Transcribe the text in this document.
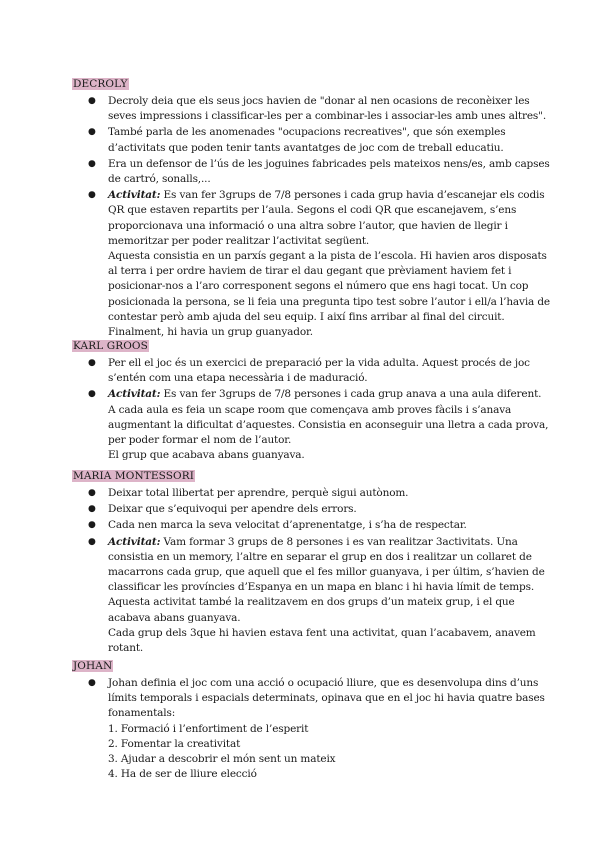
DECROLY
● Decroly deia que els seus jocs havien de "donar al nen ocasions de reconèixer les
seves impressions i classificar-les per a combinar-les i associar-les amb unes altres".
● També parla de les anomenades "ocupacions recreatives", que són exemples
d’activitats que poden tenir tants avantatges de joc com de treball educatiu.
● Era un defensor de l’ús de les joguines fabricades pels mateixos nens/es, amb capses
de cartró, sonalls,...
● Activitat: Es van fer 3grups de 7/8 persones i cada grup havia d’escanejar els codis
QR que estaven repartits per l’aula. Segons el codi QR que escanejavem, s’ens
proporcionava una informació o una altra sobre l’autor, que havien de llegir i
memoritzar per poder realitzar l’activitat següent.
Aquesta consistia en un parxís gegant a la pista de l’escola. Hi havien aros disposats
al terra i per ordre haviem de tirar el dau gegant que prèviament haviem fet i
posicionar-nos a l’aro corresponent segons el número que ens hagi tocat. Un cop
posicionada la persona, se li feia una pregunta tipo test sobre l’autor i ell/a l’havia de
contestar però amb ajuda del seu equip. I així fins arribar al final del circuit.
Finalment, hi havia un grup guanyador.
KARL GROOS
● Per ell el joc és un exercici de preparació per la vida adulta. Aquest procés de joc
s’entén com una etapa necessària i de maduració.
● Activitat: Es van fer 3grups de 7/8 persones i cada grup anava a una aula diferent.
A cada aula es feia un scape room que començava amb proves fàcils i s’anava
augmentant la dificultat d’aquestes. Consistia en aconseguir una lletra a cada prova,
per poder formar el nom de l’autor.
El grup que acabava abans guanyava.
MARIA MONTESSORI
● Deixar total llibertat per aprendre, perquè sigui autònom.
● Deixar que s’equivoqui per apendre dels errors.
● Cada nen marca la seva velocitat d’aprenentatge, i s’ha de respectar.
● Activitat: Vam formar 3 grups de 8 persones i es van realitzar 3activitats. Una
consistia en un memory, l’altre en separar el grup en dos i realitzar un collaret de
macarrons cada grup, que aquell que el fes millor guanyava, i per últim, s’havien de
classificar les províncies d’Espanya en un mapa en blanc i hi havia límit de temps.
Aquesta activitat també la realitzavem en dos grups d’un mateix grup, i el que
acabava abans guanyava.
Cada grup dels 3que hi havien estava fent una activitat, quan l’acabavem, anavem
rotant.
JOHAN
● Johan definia el joc com una acció o ocupació lliure, que es desenvolupa dins d’uns
límits temporals i espacials determinats, opinava que en el joc hi havia quatre bases
fonamentals:
1. Formació i l’enfortiment de l’esperit
2. Fomentar la creativitat
3. Ajudar a descobrir el món sent un mateix
4. Ha de ser de lliure elecció
